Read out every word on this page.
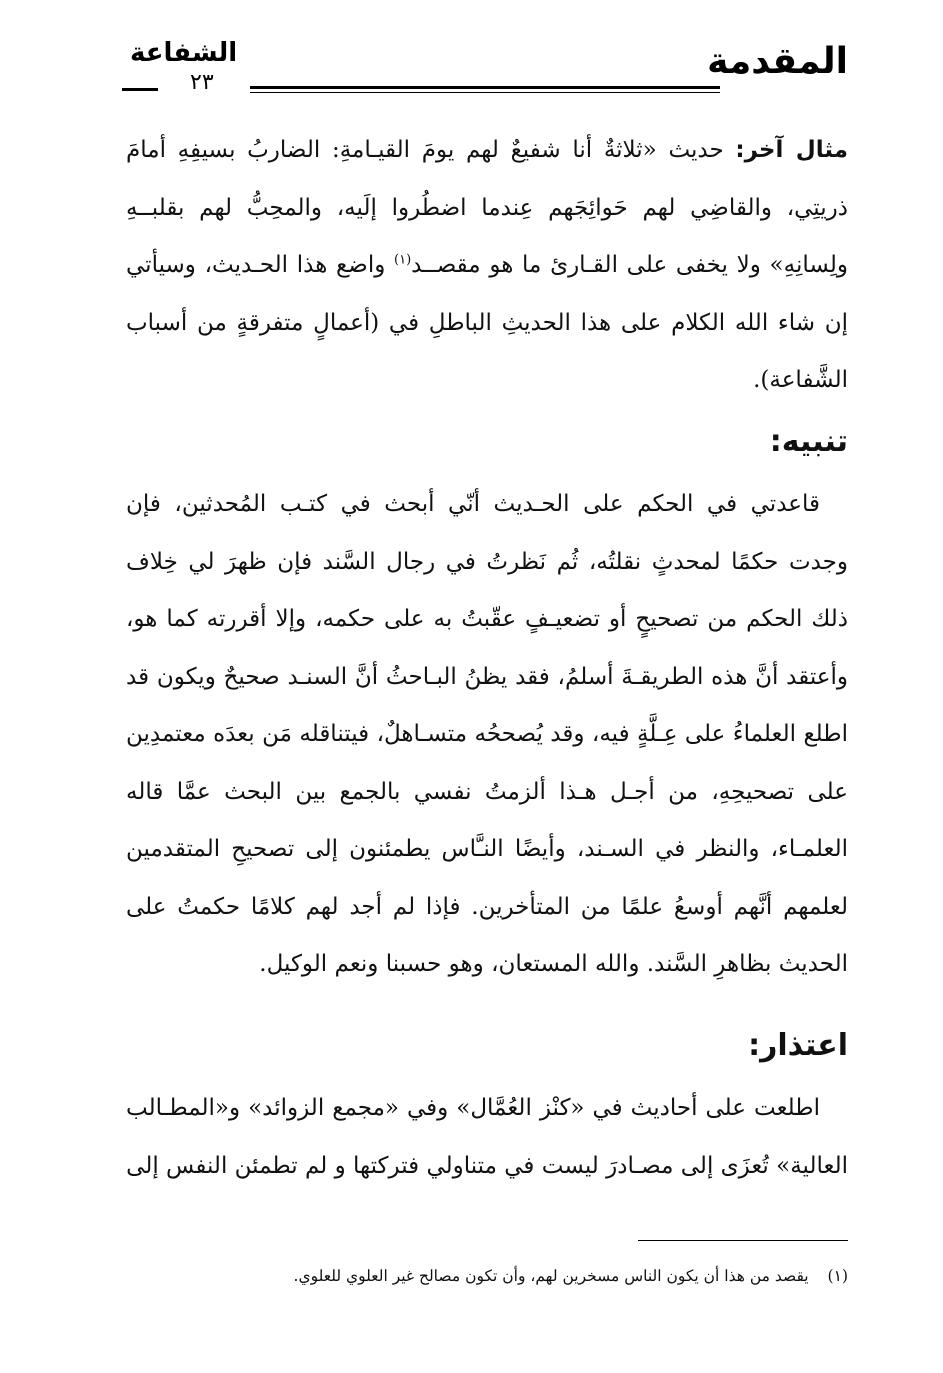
المقدمة
الشفاعة
٢٣

مثال آخر: حديث «ثلاثةٌ أنا شفيعٌ لهم يومَ القيـامةِ: الضاربُ بسيفِهِ أمامَ ذريتِي، والقاضِي لهم حَوائِجَهم عِندما اضطُروا إلَيه، والمحِبُّ لهم بقلبــهِ ولِسانِهِ» ولا يخفى على القـارئ ما هو مقصــد$^{(١)}$ واضع هذا الحـديث، وسيأتي إن شاء الله الكلام على هذا الحديثِ الباطلِ في (أعمالٍ متفرقةٍ من أسباب الشَّفاعة).

تنبيه:

قاعدتي في الحكم على الحـديث أنّي أبحث في كتـب المُحدثين، فإن وجدت حكمًا لمحدثٍ نقلتُه، ثُم نَظرتُ في رجال السَّند فإن ظهرَ لي خِلاف ذلك الحكم من تصحيحٍ أو تضعيـفٍ عقّبتُ به على حكمه، وإلا أقررته كما هو، وأعتقد أنَّ هذه الطريقـةَ أسلمُ، فقد يظنُ البـاحثُ أنَّ السنـد صحيحٌ ويكون قد اطلع العلماءُ على عِـلَّةٍ فيه، وقد يُصححُه متسـاهلٌ، فيتناقله مَن بعدَه معتمدِين على تصحيحِهِ، من أجـل هـذا ألزمتُ نفسي بالجمع بين البحث عمَّا قاله العلمـاء، والنظر في السـند، وأيضًا النـَّاس يطمئنون إلى تصحيحِ المتقدمين لعلمهم أنَّهم أوسعُ علمًا من المتأخرين. فإذا لم أجد لهم كلامًا حكمتُ على الحديث بظاهرِ السَّند. والله المستعان، وهو حسبنا ونعم الوكيل.

اعتذار:

اطلعت على أحاديث في «كنْز العُمَّال» وفي «مجمع الزوائد» و«المطـالب العالية» تُعزَى إلى مصـادرَ ليست في متناولي فتركتها و لم تطمئن النفس إلى

(١) يقصد من هذا أن يكون الناس مسخرين لهم، وأن تكون مصالح غير العلوي للعلوي.
